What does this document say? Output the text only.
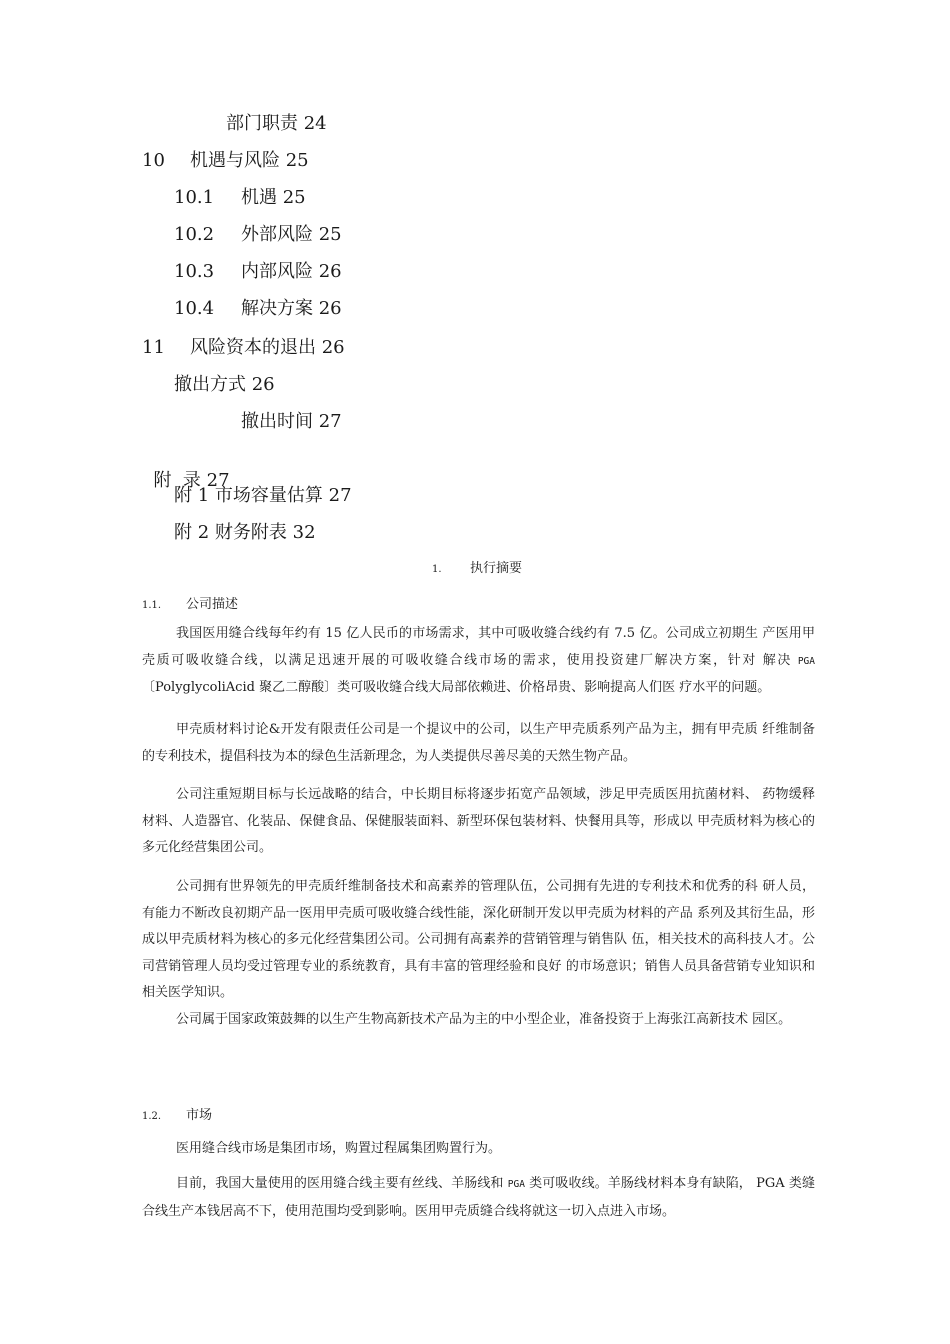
部门职责 24
10 机遇与风险 25
10.1 机遇 25
10.2 外部风险 25
10.3 内部风险 26
10.4 解决方案 26
11 风险资本的退出 26
撤出方式 26
撤出时间 27

附  录 27

附 1 市场容量估算 27
附 2 财务附表 32
1. 执行摘要
1.1. 公司描述

我国医用缝合线每年约有 15 亿人民币的市场需求，其中可吸收缝合线约有 7.5 亿。公司成立初期生 产医用甲壳质可吸收缝合线，以满足迅速开展的可吸收缝合线市场的需求，使用投资建厂解决方案，针对 解决 PGA〔PolyglycoliAcid 聚乙二醇酸〕类可吸收缝合线大局部依赖进、价格昂贵、影响提高人们医 疗水平的问题。

甲壳质材料讨论&开发有限责任公司是一个提议中的公司，以生产甲壳质系列产品为主，拥有甲壳质 纤维制备的专利技术，提倡科技为本的绿色生活新理念，为人类提供尽善尽美的天然生物产品。

公司注重短期目标与长远战略的结合，中长期目标将逐步拓宽产品领域，涉足甲壳质医用抗菌材料、 药物缓释材料、人造器官、化装品、保健食品、保健服装面料、新型环保包装材料、快餐用具等，形成以 甲壳质材料为核心的多元化经营集团公司。

公司拥有世界领先的甲壳质纤维制备技术和高素养的管理队伍，公司拥有先进的专利技术和优秀的科 研人员，有能力不断改良初期产品一医用甲壳质可吸收缝合线性能，深化研制开发以甲壳质为材料的产品 系列及其衍生品，形成以甲壳质材料为核心的多元化经营集团公司。公司拥有高素养的营销管理与销售队 伍，相关技术的高科技人才。公司营销管理人员均受过管理专业的系统教育，具有丰富的管理经验和良好 的市场意识；销售人员具备营销专业知识和相关医学知识。

公司属于国家政策鼓舞的以生产生物高新技术产品为主的中小型企业，准备投资于上海张江高新技术 园区。

1.2. 市场

医用缝合线市场是集团市场，购置过程属集团购置行为。

目前，我国大量使用的医用缝合线主要有丝线、羊肠线和 PGA 类可吸收线。羊肠线材料本身有缺陷， PGA 类缝合线生产本钱居高不下，使用范围均受到影响。医用甲壳质缝合线将就这一切入点进入市场。
